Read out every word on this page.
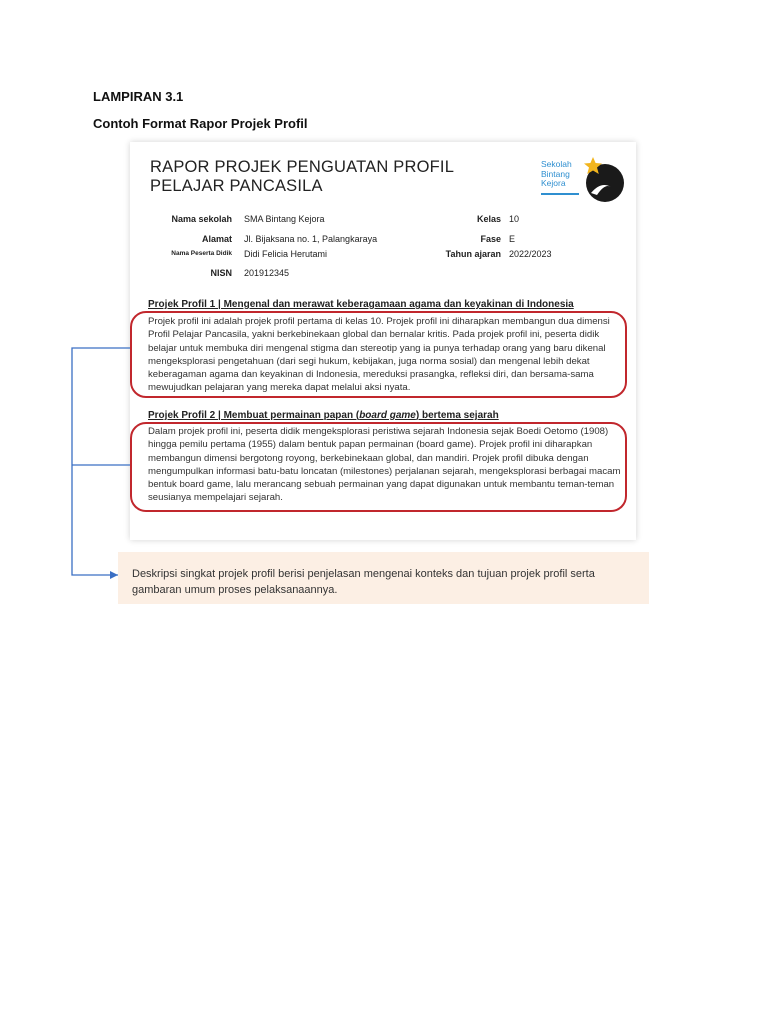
LAMPIRAN 3.1
Contoh Format Rapor Projek Profil
RAPOR PROJEK PENGUATAN PROFIL
PELAJAR PANCASILA
Sekolah
Bintang
Kejora
Nama sekolah SMA Bintang Kejora
Alamat Jl. Bijaksana no. 1, Palangkaraya
Nama Peserta Didik Didi Felicia Herutami
NISN 201912345
Kelas 10
Fase E
Tahun ajaran 2022/2023
Projek Profil 1 | Mengenal dan merawat keberagamaan agama dan keyakinan di Indonesia
Projek profil ini adalah projek profil pertama di kelas 10. Projek profil ini diharapkan membangun dua dimensi Profil Pelajar Pancasila, yakni berkebinekaan global dan bernalar kritis. Pada projek profil ini, peserta didik belajar untuk membuka diri mengenal stigma dan stereotip yang ia punya terhadap orang yang baru dikenal mengeksplorasi pengetahuan (dari segi hukum, kebijakan, juga norma sosial) dan mengenal lebih dekat keberagaman agama dan keyakinan di Indonesia, mereduksi prasangka, refleksi diri, dan bersama-sama mewujudkan pelajaran yang mereka dapat melalui aksi nyata.
Projek Profil 2 | Membuat permainan papan (board game) bertema sejarah
Dalam projek profil ini, peserta didik mengeksplorasi peristiwa sejarah Indonesia sejak Boedi Oetomo (1908) hingga pemilu pertama (1955) dalam bentuk papan permainan (board game). Projek profil ini diharapkan membangun dimensi bergotong royong, berkebinekaan global, dan mandiri. Projek profil dibuka dengan mengumpulkan informasi batu-batu loncatan (milestones) perjalanan sejarah, mengeksplorasi berbagai macam bentuk board game, lalu merancang sebuah permainan yang dapat digunakan untuk membantu teman-teman seusianya mempelajari sejarah.
Deskripsi singkat projek profil berisi penjelasan mengenai konteks dan tujuan projek profil serta gambaran umum proses pelaksanaannya.
